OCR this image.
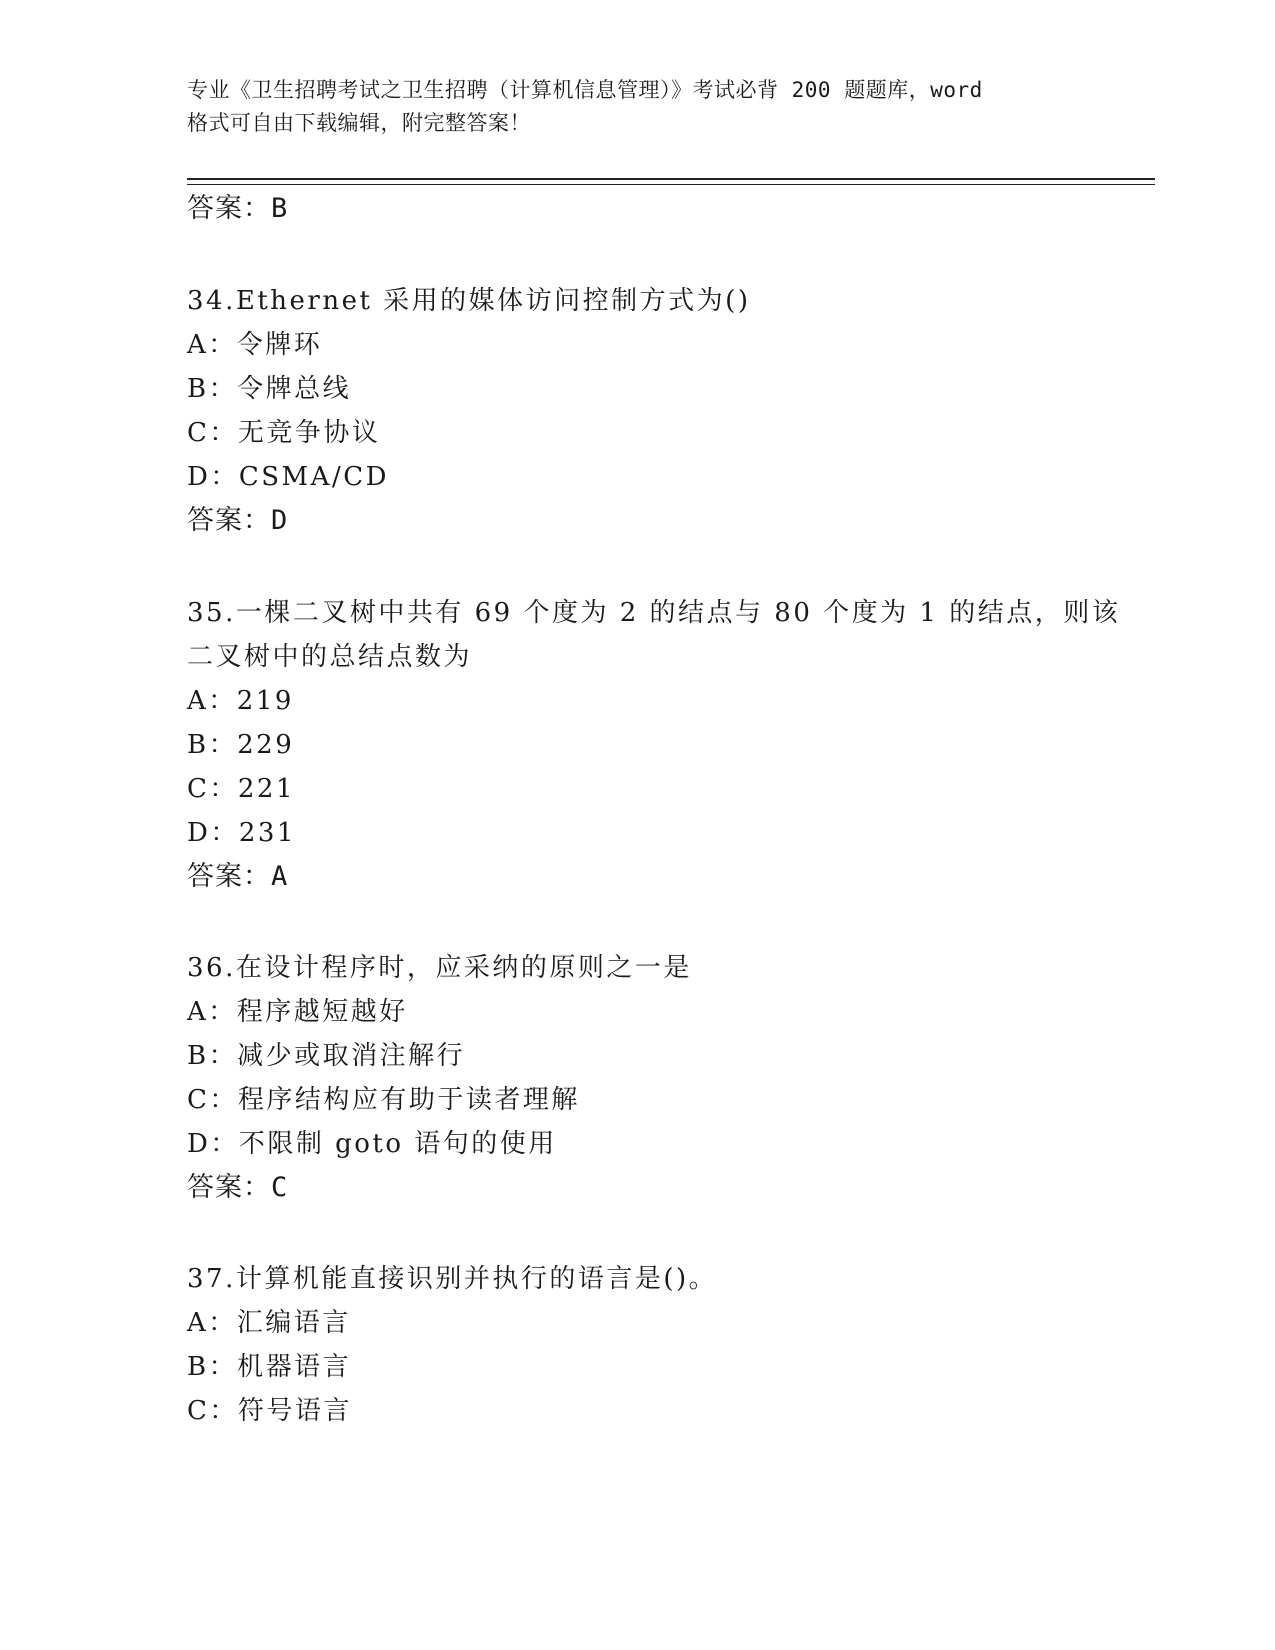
专业《卫生招聘考试之卫生招聘（计算机信息管理）》考试必背 200 题题库，word
格式可自由下载编辑，附完整答案！
答案：B
34.Ethernet 采用的媒体访问控制方式为()
A：令牌环
B：令牌总线
C：无竞争协议
D：CSMA/CD
答案：D
35.一棵二叉树中共有 69 个度为 2 的结点与 80 个度为 1 的结点，则该
二叉树中的总结点数为
A：219
B：229
C：221
D：231
答案：A
36.在设计程序时，应采纳的原则之一是
A：程序越短越好
B：减少或取消注解行
C：程序结构应有助于读者理解
D：不限制 goto 语句的使用
答案：C
37.计算机能直接识别并执行的语言是()。
A：汇编语言
B：机器语言
C：符号语言
